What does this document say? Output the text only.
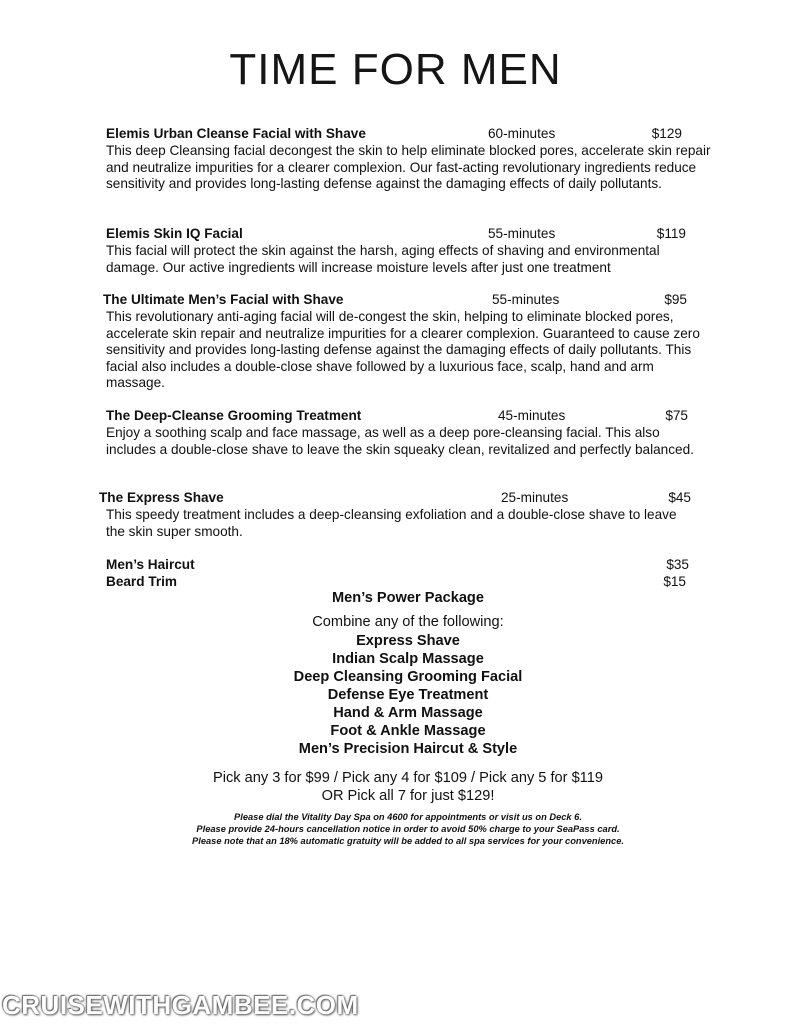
TIME FOR MEN
Elemis Urban Cleanse Facial with Shave	60-minutes	$129

This deep Cleansing facial decongest the skin to help eliminate blocked pores, accelerate skin repair and neutralize impurities for a clearer complexion. Our fast-acting revolutionary ingredients reduce sensitivity and provides long-lasting defense against the damaging effects of daily pollutants.

Elemis Skin IQ Facial	55-minutes	$119

This facial will protect the skin against the harsh, aging effects of shaving and environmental damage. Our active ingredients will increase moisture levels after just one treatment

The Ultimate Men’s Facial with Shave	55-minutes	$95

This revolutionary anti-aging facial will de-congest the skin, helping to eliminate blocked pores, accelerate skin repair and neutralize impurities for a clearer complexion. Guaranteed to cause zero sensitivity and provides long-lasting defense against the damaging effects of daily pollutants. This facial also includes a double-close shave followed by a luxurious face, scalp, hand and arm massage.

The Deep-Cleanse Grooming Treatment	45-minutes	$75

Enjoy a soothing scalp and face massage, as well as a deep pore-cleansing facial. This also includes a double-close shave to leave the skin squeaky clean, revitalized and perfectly balanced.

The Express Shave	25-minutes	$45

This speedy treatment includes a deep-cleansing exfoliation and a double-close shave to leave the skin super smooth.

Men’s Haircut	$35
Beard Trim	$15
Men’s Power Package
Combine any of the following:
Express Shave
Indian Scalp Massage
Deep Cleansing Grooming Facial
Defense Eye Treatment
Hand & Arm Massage
Foot & Ankle Massage
Men’s Precision Haircut & Style
Pick any 3 for $99 / Pick any 4 for $109 / Pick any 5 for $119
OR Pick all 7 for just $129!
Please dial the Vitality Day Spa on 4600 for appointments or visit us on Deck 6.
Please provide 24-hours cancellation notice in order to avoid 50% charge to your SeaPass card.
Please note that an 18% automatic gratuity will be added to all spa services for your convenience.
CRUISEWITHGAMBEE.COM
